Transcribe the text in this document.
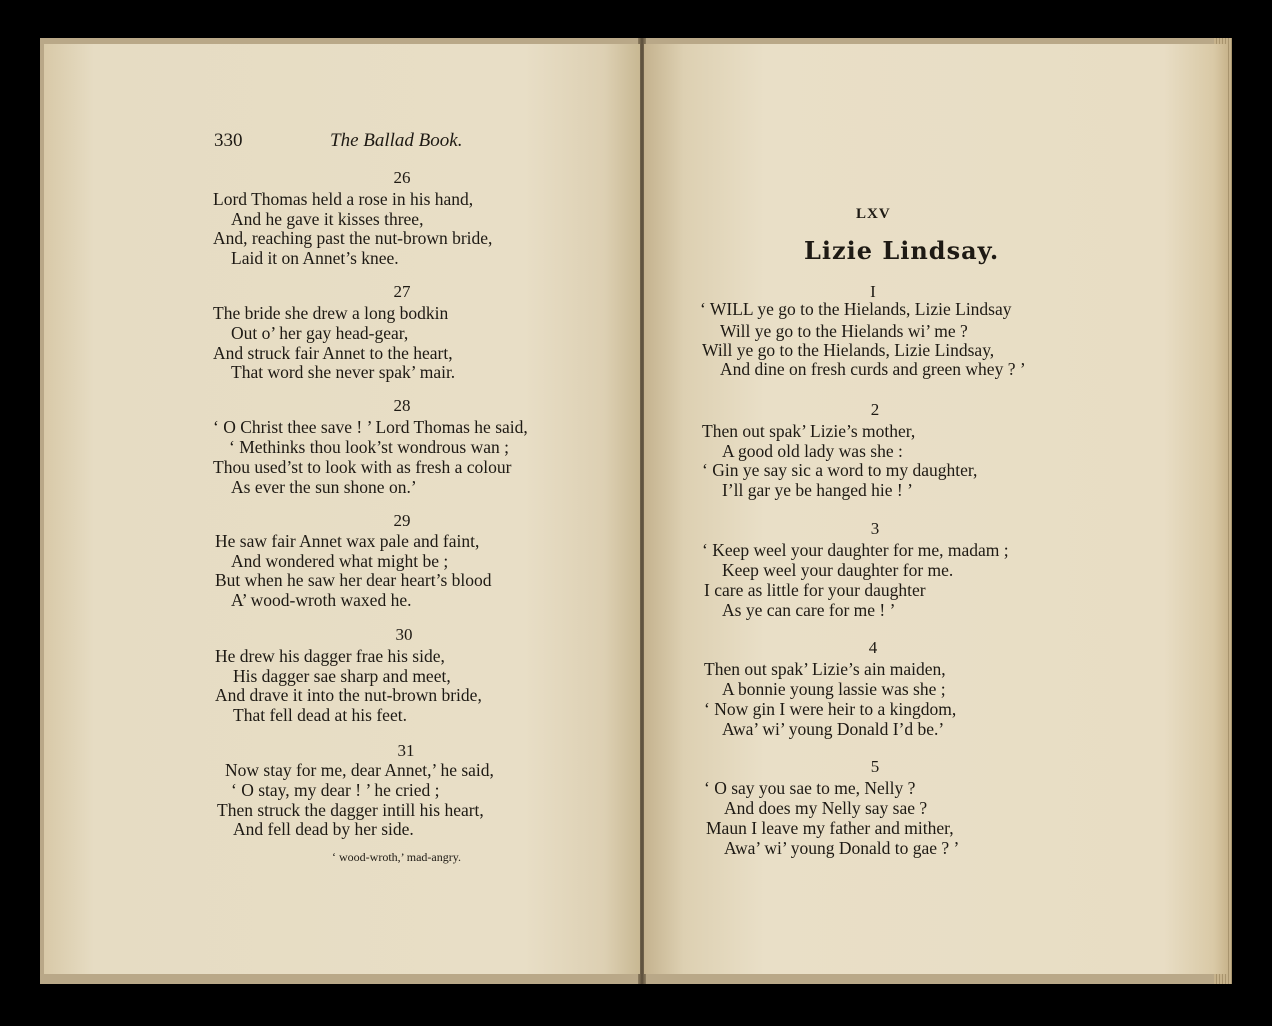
330	The Ballad Book.
26
Lord Thomas held a rose in his hand,
And he gave it kisses three,
And, reaching past the nut-brown bride,
Laid it on Annet’s knee.
27
The bride she drew a long bodkin
Out o’ her gay head-gear,
And struck fair Annet to the heart,
That word she never spak’ mair.
28
‘ O Christ thee save ! ’ Lord Thomas he said,
‘ Methinks thou look’st wondrous wan ;
Thou used’st to look with as fresh a colour
As ever the sun shone on.’
29
He saw fair Annet wax pale and faint,
And wondered what might be ;
But when he saw her dear heart’s blood
A’ wood-wroth waxed he.
30
He drew his dagger frae his side,
His dagger sae sharp and meet,
And drave it into the nut-brown bride,
That fell dead at his feet.
31
Now stay for me, dear Annet,’ he said,
‘ O stay, my dear ! ’ he cried ;
Then struck the dagger intill his heart,
And fell dead by her side.
‘ wood-wroth,’ mad-angry.
LXV
Lizie Lindsay.
I
‘ WILL ye go to the Hielands, Lizie Lindsay
Will ye go to the Hielands wi’ me ?
Will ye go to the Hielands, Lizie Lindsay,
And dine on fresh curds and green whey ? ’
2
Then out spak’ Lizie’s mother,
A good old lady was she :
‘ Gin ye say sic a word to my daughter,
I’ll gar ye be hanged hie ! ’
3
‘ Keep weel your daughter for me, madam ;
Keep weel your daughter for me.
I care as little for your daughter
As ye can care for me ! ’
4
Then out spak’ Lizie’s ain maiden,
A bonnie young lassie was she ;
‘ Now gin I were heir to a kingdom,
Awa’ wi’ young Donald I’d be.’
5
‘ O say you sae to me, Nelly ?
And does my Nelly say sae ?
Maun I leave my father and mither,
Awa’ wi’ young Donald to gae ? ’
